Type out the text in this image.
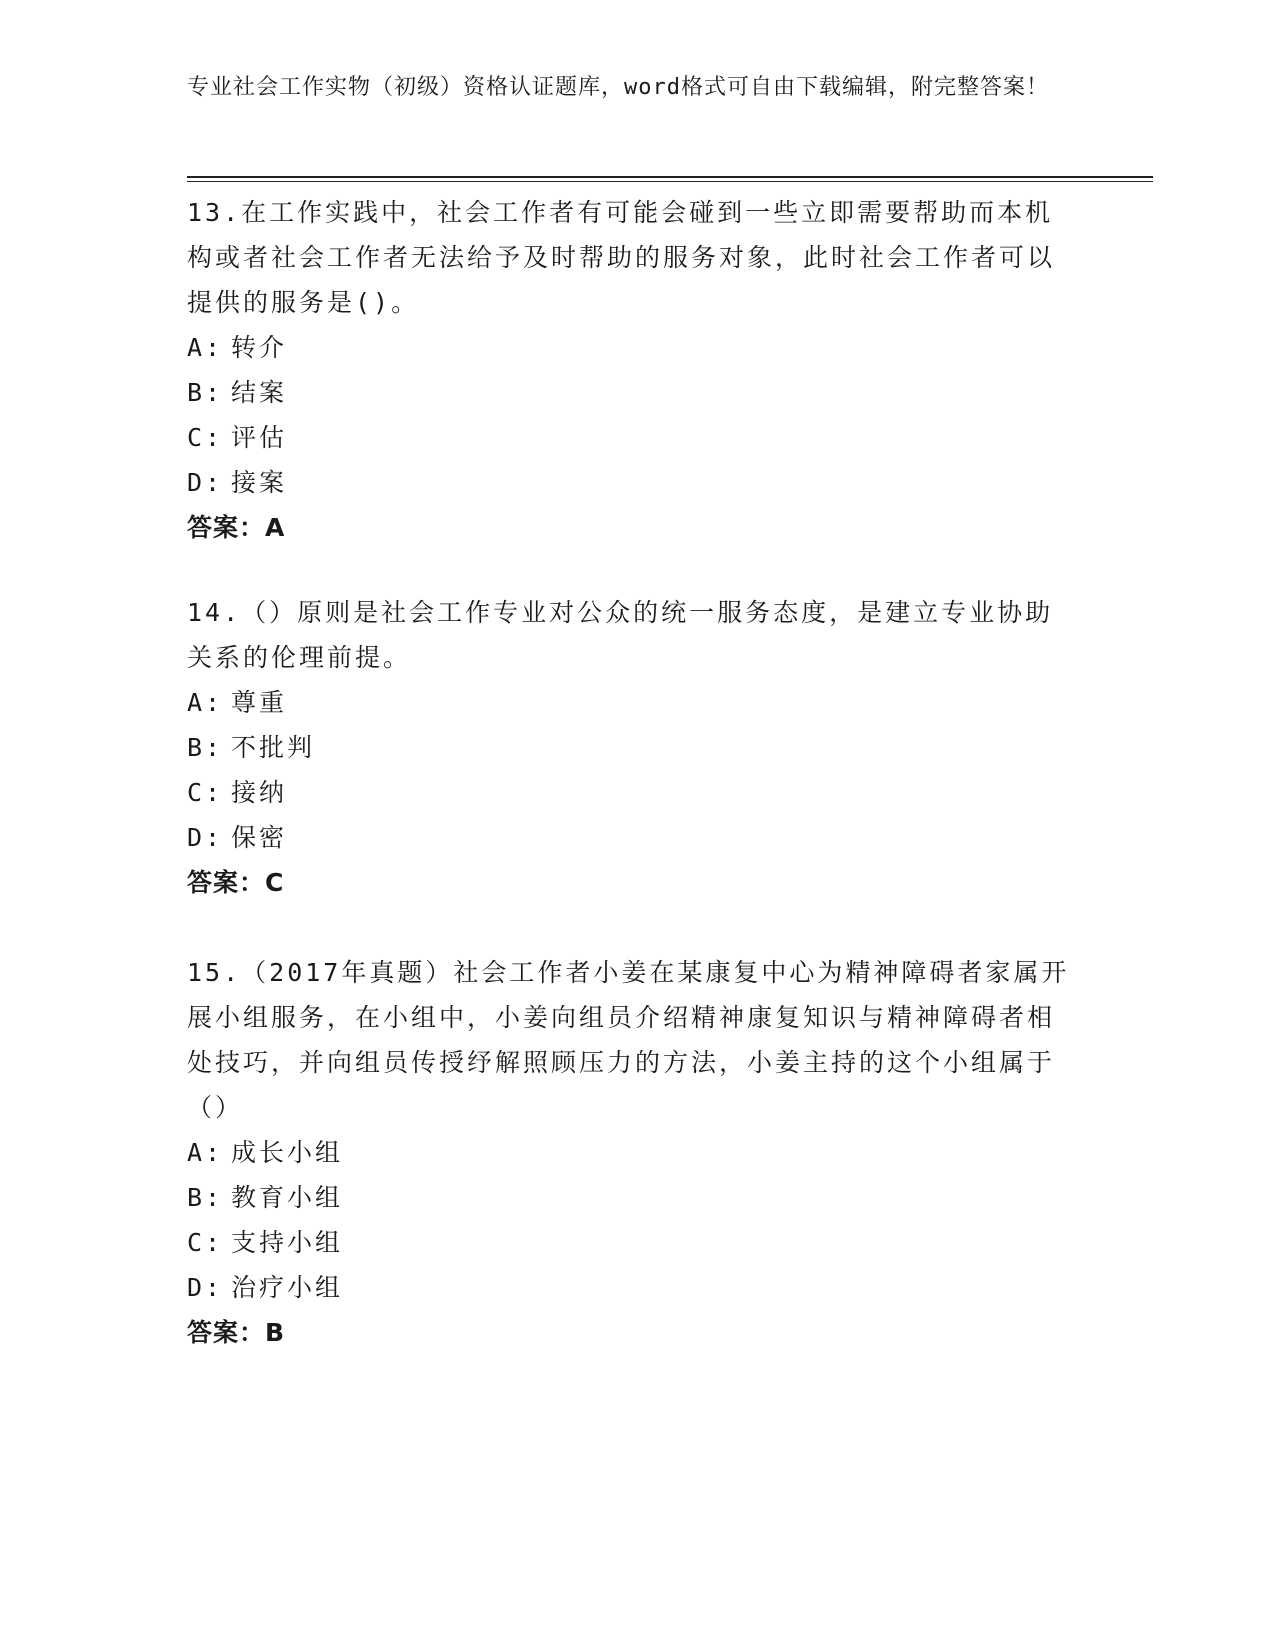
专业社会工作实物（初级）资格认证题库，word格式可自由下载编辑，附完整答案！
13.在工作实践中，社会工作者有可能会碰到一些立即需要帮助而本机构或者社会工作者无法给予及时帮助的服务对象，此时社会工作者可以提供的服务是()。
A: 转介
B: 结案
C: 评估
D: 接案
答案：A
14.（）原则是社会工作专业对公众的统一服务态度，是建立专业协助关系的伦理前提。
A: 尊重
B: 不批判
C: 接纳
D: 保密
答案：C
15.（2017年真题）社会工作者小姜在某康复中心为精神障碍者家属开展小组服务，在小组中，小姜向组员介绍精神康复知识与精神障碍者相处技巧，并向组员传授纾解照顾压力的方法，小姜主持的这个小组属于（）
A: 成长小组
B: 教育小组
C: 支持小组
D: 治疗小组
答案：B
